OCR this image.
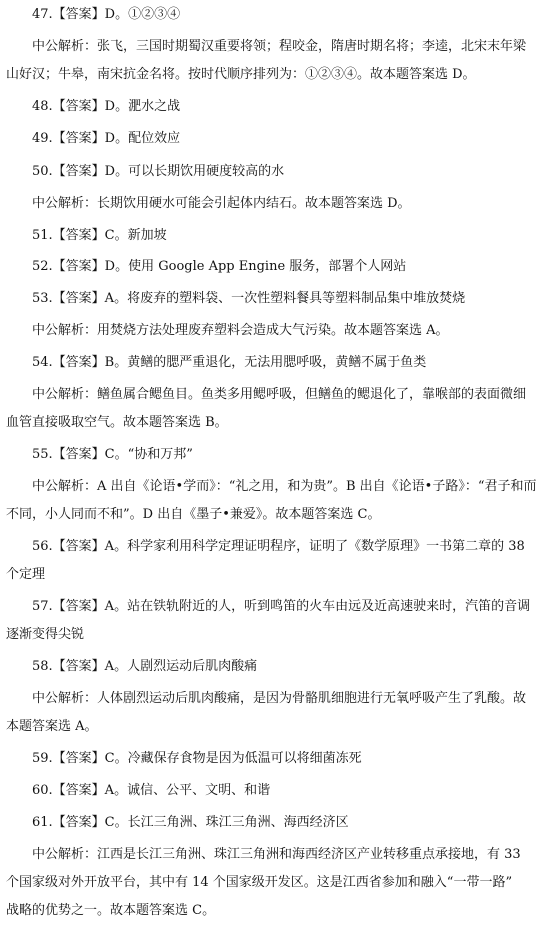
47.【答案】D。①②③④
中公解析：张飞，三国时期蜀汉重要将领；程咬金，隋唐时期名将；李逵，北宋末年梁
山好汉；牛皋，南宋抗金名将。按时代顺序排列为：①②③④。故本题答案选 D。
48.【答案】D。淝水之战
49.【答案】D。配位效应
50.【答案】D。可以长期饮用硬度较高的水
中公解析：长期饮用硬水可能会引起体内结石。故本题答案选 D。
51.【答案】C。新加坡
52.【答案】D。使用 Google App Engine 服务，部署个人网站
53.【答案】A。将废弃的塑料袋、一次性塑料餐具等塑料制品集中堆放焚烧
中公解析：用焚烧方法处理废弃塑料会造成大气污染。故本题答案选 A。
54.【答案】B。黄鳝的腮严重退化，无法用腮呼吸，黄鳝不属于鱼类
中公解析：鳝鱼属合鳃鱼目。鱼类多用鳃呼吸，但鳝鱼的鳃退化了，靠喉部的表面微细
血管直接吸取空气。故本题答案选 B。
55.【答案】C。“协和万邦”
中公解析：A 出自《论语•学而》：“礼之用，和为贵”。B 出自《论语•子路》：“君子和而
不同，小人同而不和”。D 出自《墨子•兼爱》。故本题答案选 C。
56.【答案】A。科学家利用科学定理证明程序，证明了《数学原理》一书第二章的 38
个定理
57.【答案】A。站在铁轨附近的人，听到鸣笛的火车由远及近高速驶来时，汽笛的音调
逐渐变得尖锐
58.【答案】A。人剧烈运动后肌肉酸痛
中公解析：人体剧烈运动后肌肉酸痛，是因为骨骼肌细胞进行无氧呼吸产生了乳酸。故
本题答案选 A。
59.【答案】C。冷藏保存食物是因为低温可以将细菌冻死
60.【答案】A。诚信、公平、文明、和谐
61.【答案】C。长江三角洲、珠江三角洲、海西经济区
中公解析：江西是长江三角洲、珠江三角洲和海西经济区产业转移重点承接地，有 33
个国家级对外开放平台，其中有 14 个国家级开发区。这是江西省参加和融入“一带一路”
战略的优势之一。故本题答案选 C。
